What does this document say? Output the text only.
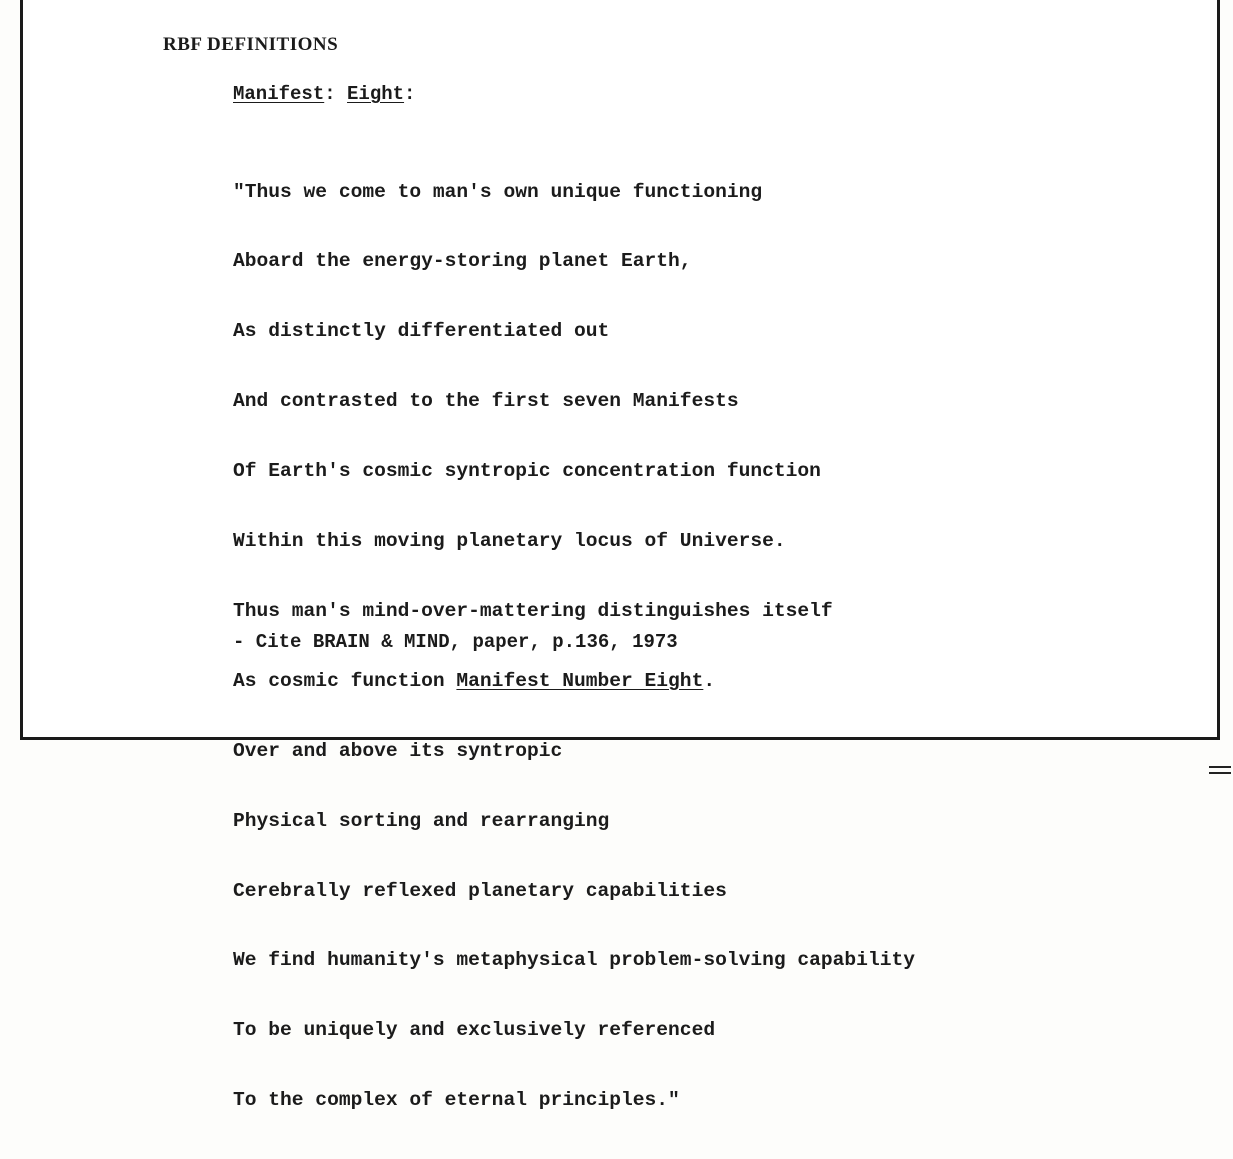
RBF DEFINITIONS
Manifest: Eight:

"Thus we come to man's own unique functioning

Aboard the energy-storing planet Earth,

As distinctly differentiated out

And contrasted to the first seven Manifests

Of Earth's cosmic syntropic concentration function

Within this moving planetary locus of Universe.

Thus man's mind-over-mattering distinguishes itself

As cosmic function Manifest Number Eight.

Over and above its syntropic

Physical sorting and rearranging

Cerebrally reflexed planetary capabilities

We find humanity's metaphysical problem-solving capability

To be uniquely and exclusively referenced

To the complex of eternal principles."

- Cite BRAIN & MIND, paper, p.136, 1973
